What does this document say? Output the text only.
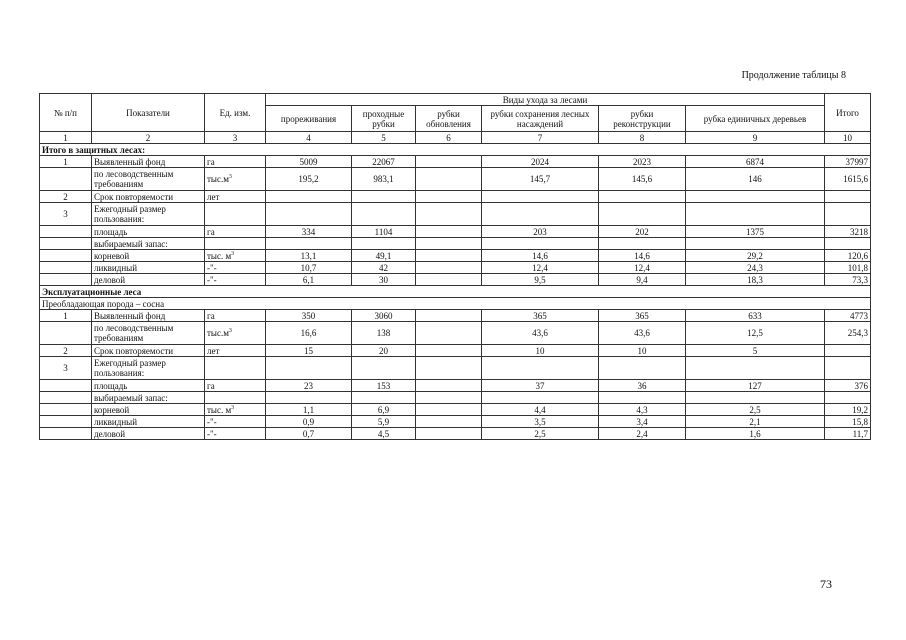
Продолжение таблицы 8
№ п/п	Показатели	Ед. изм.	Виды ухода за лесами						Итого
			прореживания	проходные рубки	рубки обновления	рубки сохранения лесных насаждений	рубки реконструкции	рубка единичных деревьев	
1	2	3	4	5	6	7	8	9	10
Итого в защитных лесах:									
1	Выявленный фонд	га	5009	22067		2024	2023	6874	37997
	по лесоводственным требованиям	$тыс.м^3$	195,2	983,1		145,7	145,6	146	1615,6
2	Срок повторяемости	лет							
3	Ежегодный размер пользования:								
	площадь	га	334	1104		203	202	1375	3218
	выбираемый запас:								
	корневой	тыс. $м^3$	13,1	49,1		14,6	14,6	29,2	120,6
	ликвидный	-"-	10,7	42		12,4	12,4	24,3	101,8
	деловой	-"-	6,1	30		9,5	9,4	18,3	73,3
Эксплуатационные леса									
Преобладающая порода – сосна									
1	Выявленный фонд	га	350	3060		365	365	633	4773
	по лесоводственным требованиям	$тыс.м^3$	16,6	138		43,6	43,6	12,5	254,3
2	Срок повторяемости	лет	15	20		10	10	5	
3	Ежегодный размер пользования:								
	площадь	га	23	153		37	36	127	376
	выбираемый запас:								
	корневой	тыс. $м^3$	1,1	6,9		4,4	4,3	2,5	19,2
	ликвидный	-"-	0,9	5,9		3,5	3,4	2,1	15,8
	деловой	-"-	0,7	4,5		2,5	2,4	1,6	11,7
73
